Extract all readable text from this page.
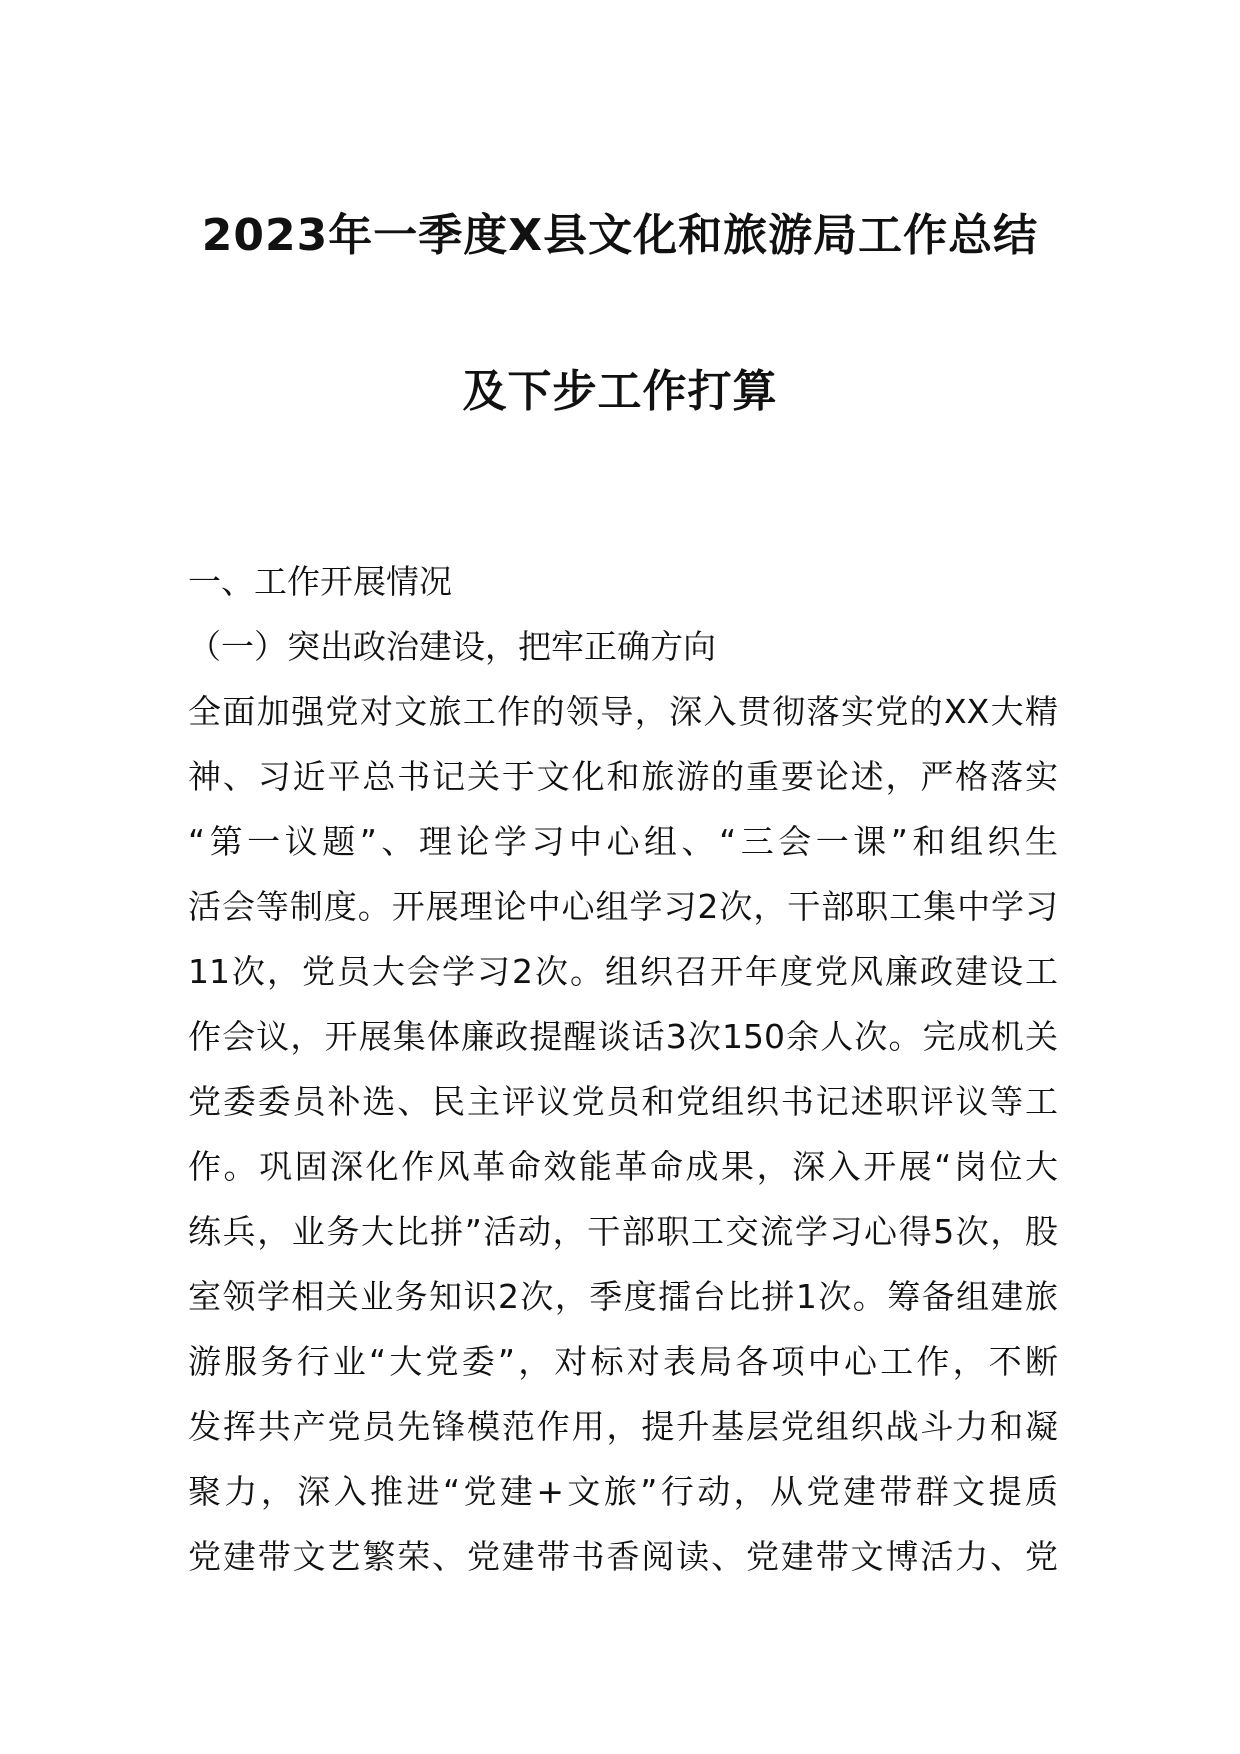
2023年一季度X县文化和旅游局工作总结
及下步工作打算
一、工作开展情况
（一）突出政治建设，把牢正确方向
全面加强党对文旅工作的领导，深入贯彻落实党的XX大精
神、习近平总书记关于文化和旅游的重要论述，严格落实
“第一议题”、理论学习中心组、“三会一课”和组织生
活会等制度。开展理论中心组学习2次，干部职工集中学习
11次，党员大会学习2次。组织召开年度党风廉政建设工
作会议，开展集体廉政提醒谈话3次150余人次。完成机关
党委委员补选、民主评议党员和党组织书记述职评议等工
作。巩固深化作风革命效能革命成果，深入开展“岗位大
练兵，业务大比拼”活动，干部职工交流学习心得5次，股
室领学相关业务知识2次，季度擂台比拼1次。筹备组建旅
游服务行业“大党委”，对标对表局各项中心工作，不断
发挥共产党员先锋模范作用，提升基层党组织战斗力和凝
聚力，深入推进“党建+文旅”行动，从党建带群文提质
党建带文艺繁荣、党建带书香阅读、党建带文博活力、党
